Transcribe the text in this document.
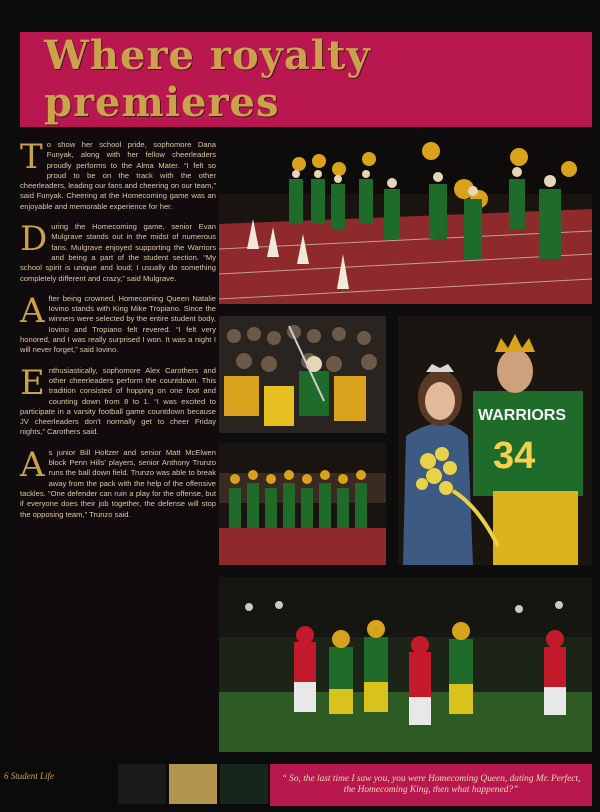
Where royalty premieres

To show her school pride, sophomore Dana Funyak, along with her fellow cheerleaders proudly performs to the Alma Mater. “I felt so proud to be on the track with the other cheerleaders, leading our fans and cheering on our team,” said Funyak. Cheering at the Homecoming game was an enjoyable and memorable experience for her.

During the Homecoming game, senior Evan Mulgrave stands out in the midst of numerous fans. Mulgrave enjoyed supporting the Warriors and being a part of the student section. “My school spirit is unique and loud; I usually do something completely different and crazy,” said Mulgrave.

After being crowned, Homecoming Queen Natalie Iovino stands with King Mike Tropiano. Since the winners were selected by the entire student body, Iovino and Tropiano felt revered. “I felt very honored, and I was really surprised I won. It was a night I will never forget,” said Iovino.

Enthusiastically, sophomore Alex Carothers and other cheerleaders perform the countdown. This tradition consisted of hopping on one foot and counting down from 8 to 1. “I was excited to participate in a varsity football game countdown because JV cheerleaders don't normally get to cheer Friday nights,” Carothers said.

As junior Bill Holtzer and senior Matt McElwen block Penn Hills' players, senior Anthony Trunzo runs the ball down field. Trunzo was able to break away from the pack with the help of the offensive tackles. “One defender can ruin a play for the offense, but if everyone does their job together, the defense will stop the opposing team,” Trunzo said.

WARRIORS
34
6 Student Life	“ So, the last time I saw you, you were Homecoming Queen, dating Mr. Perfect, the Homecoming King, then what happened?”
